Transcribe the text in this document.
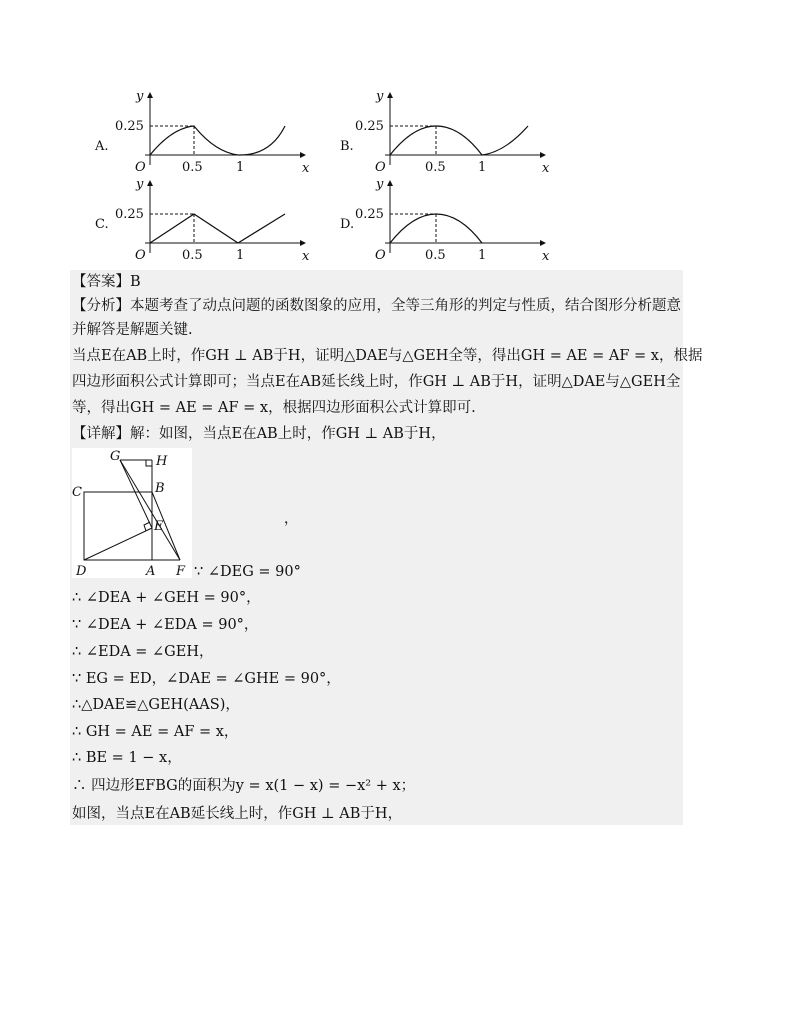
A.
y
x
O
0.25
0.5	1
B.
y
x
O
0.25
0.5 1
C.
y
x
O
0.25
0.5	1
D.
y
x
O
0.25
0.5 1
【答案】B
【分析】本题考查了动点问题的函数图象的应用，全等三角形的判定与性质，结合图形分析题意
并解答是解题关键.
当点E在AB上时，作GH ⊥ AB于H，证明△DAE与△GEH全等，得出GH = AE = AF = x，根据
四边形面积公式计算即可；当点E在AB延长线上时，作GH ⊥ AB于H，证明△DAE与△GEH全
等，得出GH = AE = AF = x，根据四边形面积公式计算即可.
【详解】解：如图，当点E在AB上时，作GH ⊥ AB于H，
G	H
C	B
E
D	A F
，
∵ ∠DEG = 90°
∴ ∠DEA + ∠GEH = 90°，
∵ ∠DEA + ∠EDA = 90°，
∴ ∠EDA = ∠GEH，
∵ EG = ED，∠DAE = ∠GHE = 90°，
∴△DAE≌△GEH(AAS)，
∴ GH = AE = AF = x，
∴ BE = 1 − x，
∴ 四边形EFBG的面积为y = x(1 − x) = −x² + x；
如图，当点E在AB延长线上时，作GH ⊥ AB于H，
